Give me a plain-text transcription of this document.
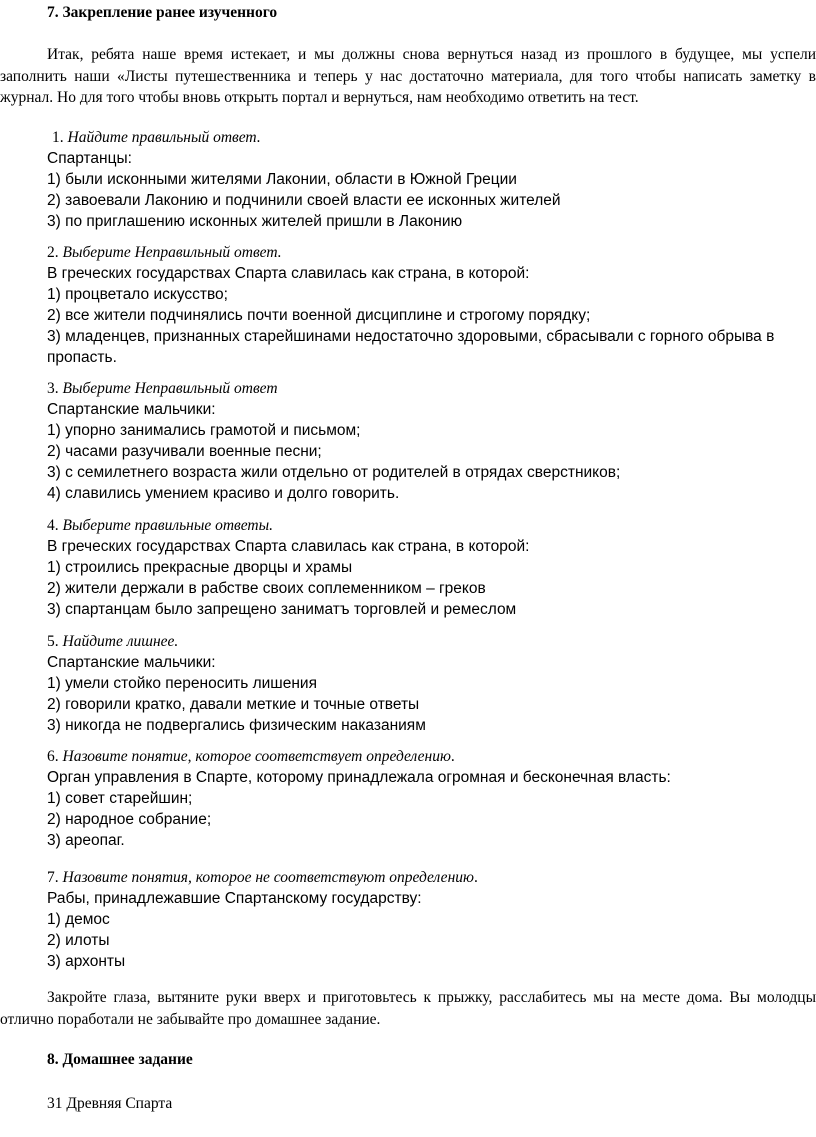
7. Закрепление ранее изученного
Итак, ребята наше время истекает, и мы должны снова вернуться назад из прошлого в будущее, мы успели заполнить наши «Листы путешественника и теперь у нас достаточно материала, для того чтобы написать заметку в журнал. Но для того чтобы вновь открыть портал и вернуться, нам необходимо ответить на тест.
1. Найдите правильный ответ.
Спартанцы:
1) были исконными жителями Лаконии, области в Южной Греции
2) завоевали Лаконию и подчинили своей власти ее исконных жителей
3) по приглашению исконных жителей пришли в Лаконию
2. Выберите Неправильный ответ.
В греческих государствах Спарта славилась как страна, в которой:
1) процветало искусство;
2) все жители подчинялись почти военной дисциплине и строгому порядку;
3) младенцев, признанных старейшинами недостаточно здоровыми, сбрасывали с горного обрыва в пропасть.
3. Выберите Неправильный ответ
Спартанские мальчики:
1) упорно занимались грамотой и письмом;
2) часами разучивали военные песни;
3) с семилетнего возраста жили отдельно от родителей в отрядах сверстников;
4) славились умением красиво и долго говорить.
4. Выберите правильные ответы.
В греческих государствах Спарта славилась как страна, в которой:
1) строились прекрасные дворцы и храмы
2) жители держали в рабстве своих соплеменником – греков
3) спартанцам было запрещено заниматъ торговлей и ремеслом
5. Найдите лишнее.
Спартанские мальчики:
1) умели стойко переносить лишения
2) говорили кратко, давали меткие и точные ответы
3) никогда не подвергались физическим наказаниям
6. Назовите понятие, которое соответствует определению.
Орган управления в Спарте, которому принадлежала огромная и бесконечная власть:
1) совет старейшин;
2) народное собрание;
3) ареопаг.
7. Назовите понятия, которое не соответствуют определению.
Рабы, принадлежавшие Спартанскому государству:
1) демос
2) илоты
3) архонты
Закройте глаза, вытяните руки вверх и приготовьтесь к прыжку, расслабитесь мы на месте дома. Вы молодцы отлично поработали не забывайте про домашнее задание.
8. Домашнее задание
31 Древняя Спарта
